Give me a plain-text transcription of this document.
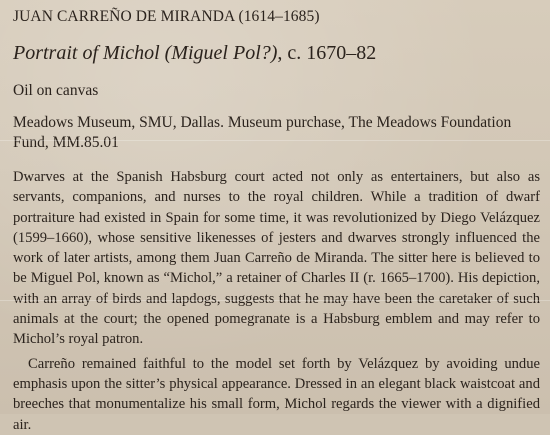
JUAN CARREÑO DE MIRANDA (1614–1685)
Portrait of Michol (Miguel Pol?), c. 1670–82
Oil on canvas
Meadows Museum, SMU, Dallas. Museum purchase, The Meadows Foundation Fund, MM.85.01

Dwarves at the Spanish Habsburg court acted not only as entertainers, but also as servants, companions, and nurses to the royal children. While a tradition of dwarf portraiture had existed in Spain for some time, it was revolutionized by Diego Velázquez (1599–1660), whose sensitive likenesses of jesters and dwarves strongly influenced the work of later artists, among them Juan Carreño de Miranda. The sitter here is believed to be Miguel Pol, known as “Michol,” a retainer of Charles II (r. 1665–1700). His depiction, with an array of birds and lapdogs, suggests that he may have been the caretaker of such animals at the court; the opened pomegranate is a Habsburg emblem and may refer to Michol’s royal patron.

Carreño remained faithful to the model set forth by Velázquez by avoiding undue emphasis upon the sitter’s physical appearance. Dressed in an elegant black waistcoat and breeches that monumentalize his small form, Michol regards the viewer with a dignified air.
